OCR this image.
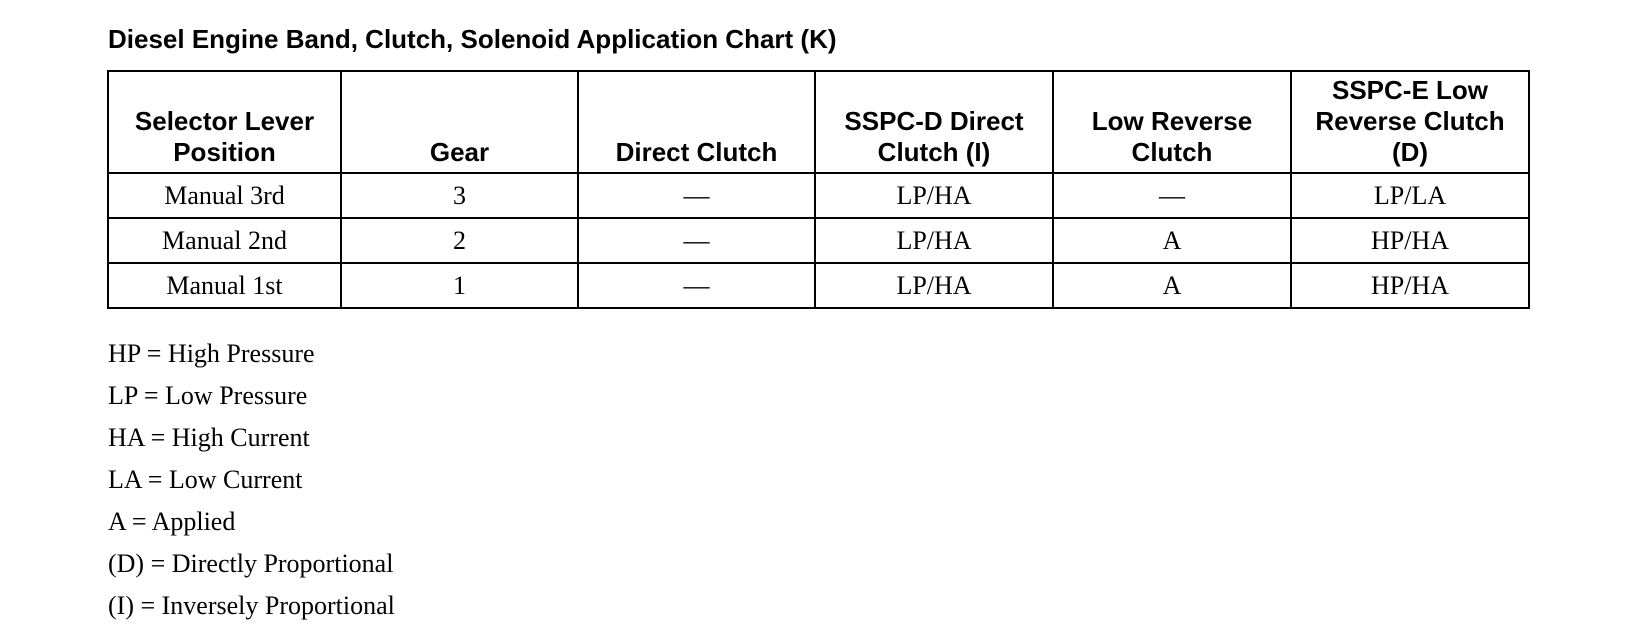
Diesel Engine Band, Clutch, Solenoid Application Chart (K)
Selector Lever Position	Gear	Direct Clutch	SSPC-D Direct Clutch (I)	Low Reverse Clutch	SSPC-E Low Reverse Clutch (D)
Manual 3rd	3	—	LP/HA	—	LP/LA
Manual 2nd	2	—	LP/HA	A	HP/HA
Manual 1st	1	—	LP/HA	A	HP/HA
HP = High Pressure
LP = Low Pressure
HA = High Current
LA = Low Current
A = Applied
(D) = Directly Proportional
(I) = Inversely Proportional
